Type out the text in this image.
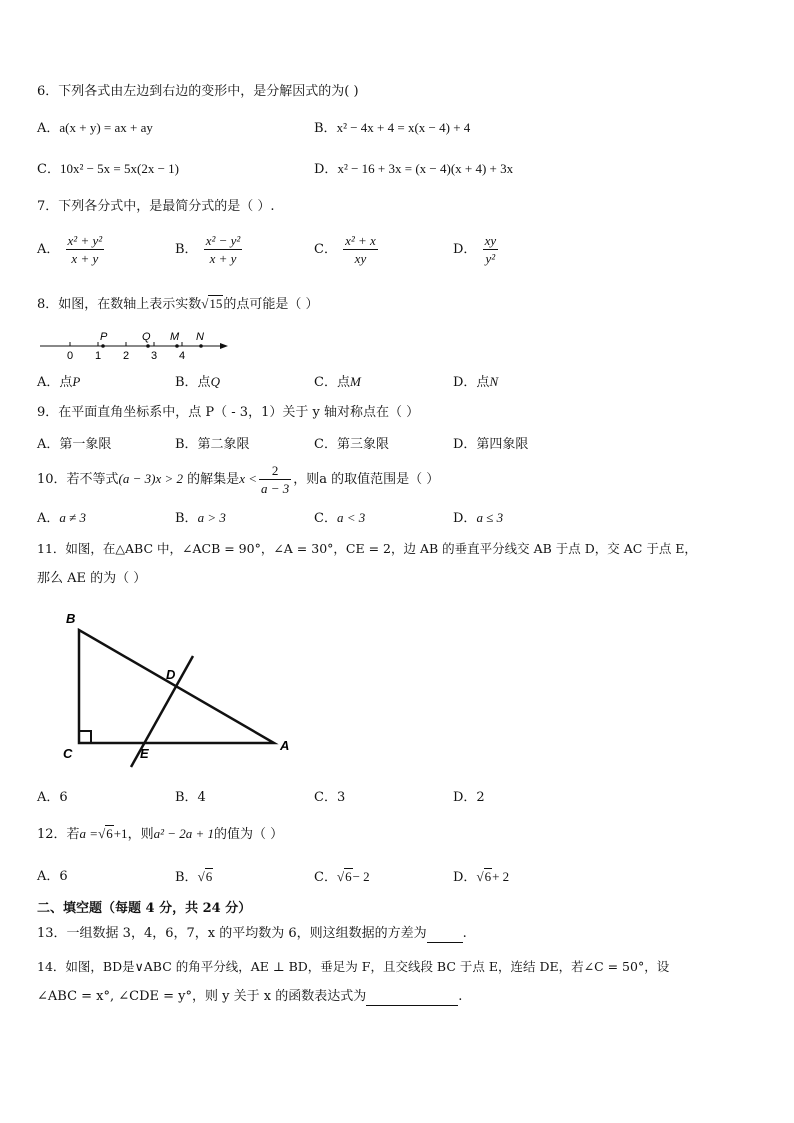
6．下列各式由左边到右边的变形中，是分解因式的为( )
A．a(x + y) = ax + ay	B．x² − 4x + 4 = x(x − 4) + 4
C．10x² − 5x = 5x(2x − 1)	D．x² − 16 + 3x = (x − 4)(x + 4) + 3x
7．下列各分式中，是最简分式的是（ ）.
A． $\frac{\text{x² + y²}}{x + y}$	B． $\frac{\text{x² − y²}}{x + y}$	C． $\frac{\text{x² + x}}{xy}$	D． $\frac{xy}{\text{y²}}$
8．如图，在数轴上表示实数√15的点可能是（ ）
0 1 2 3 4
P	Q M N
A．点P	B．点Q	C．点M	D．点N
9．在平面直角坐标系中，点 P（ - 3，1）关于 y 轴对称点在（ ）
A．第一象限	B．第二象限	C．第三象限	D．第四象限
10．若不等式(a − 3)x > 2 的解集是$x < \frac{2}{a - 3}$ ，则a 的取值范围是（ ）
A．a ≠ 3	B．a > 3	C．a < 3	D．a ≤ 3
11．如图，在△ABC 中，∠ACB = 90°，∠A = 30°，CE = 2，边 AB 的垂直平分线交 AB 于点 D，交 AC 于点 E，
那么 AE 的为（ ）
B
D
C	E
A
A．6	B．4	C．3	D．2
12．若a =√6+1，则a² − 2a + 1的值为（ ）
A．6	B．√6	C．√6− 2	D．√6+ 2
二、填空题（每题 4 分，共 24 分）
13．一组数据 3，4，6，7，x 的平均数为 6，则这组数据的方差为	.
14．如图，BD是∨ABC 的角平分线，AE ⊥ BD，垂足为 F，且交线段 BC 于点 E，连结 DE，若∠C = 50°，设
∠ABC = x°, ∠CDE = y°，则 y 关于 x 的函数表达式为	.
